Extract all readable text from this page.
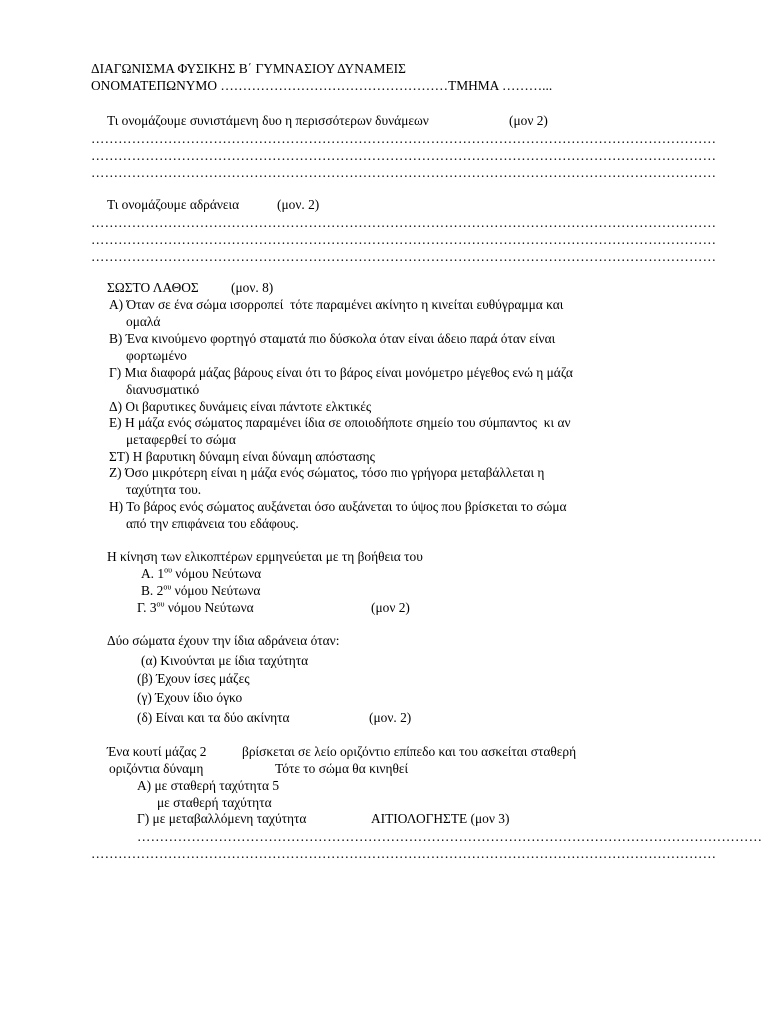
ΔΙΑΓΩΝΙΣΜΑ ΦΥΣΙΚΗΣ Β΄ ΓΥΜΝΑΣΙΟΥ ΔΥΝΑΜΕΙΣ
ΟΝΟΜΑΤΕΠΩΝΥΜΟ ……………………………………………ΤΜΗΜΑ ………...
Τι ονομάζουμε συνιστάμενη δυο η περισσότερων δυνάμεων	(μον 2)
…………………………………………………………………………………………………………………………
…………………………………………………………………………………………………………………………
…………………………………………………………………………………………………………………………
Τι ονομάζουμε αδράνεια	(μον. 2)
…………………………………………………………………………………………………………………………
…………………………………………………………………………………………………………………………
…………………………………………………………………………………………………………………………
ΣΩΣΤΟ ΛΑΘΟΣ (μον. 8)
Α) Όταν σε ένα σώμα ισορροπεί  τότε παραμένει ακίνητο η κινείται ευθύγραμμα και
ομαλά
Β) Ένα κινούμενο φορτηγό σταματά πιο δύσκολα όταν είναι άδειο παρά όταν είναι
φορτωμένο
Γ) Μια διαφορά μάζας βάρους είναι ότι το βάρος είναι μονόμετρο μέγεθος ενώ η μάζα
διανυσματικό
Δ) Οι βαρυτικες δυνάμεις είναι πάντοτε ελκτικές
Ε) Η μάζα ενός σώματος παραμένει ίδια σε οποιοδήποτε σημείο του σύμπαντος  κι αν
μεταφερθεί το σώμα
ΣΤ) Η βαρυτικη δύναμη είναι δύναμη απόστασης
Ζ) Όσο μικρότερη είναι η μάζα ενός σώματος, τόσο πιο γρήγορα μεταβάλλεται η
ταχύτητα του.
Η) Το βάρος ενός σώματος αυξάνεται όσο αυξάνεται το ύψος που βρίσκεται το σώμα
από την επιφάνεια του εδάφους.
Η κίνηση των ελικοπτέρων ερμηνεύεται με τη βοήθεια του
Α. $1^{o\upsilon}$ νόμου Νεύτωνα
Β. $2^{o\upsilon}$ νόμου Νεύτωνα
Γ. $3^{o\upsilon}$ νόμου Νεύτωνα	(μον 2)
Δύο σώματα έχουν την ίδια αδράνεια όταν:
(α) Κινούνται με ίδια ταχύτητα
(β) Έχουν ίσες μάζες
(γ) Έχουν ίδιο όγκο
(δ) Είναι και τα δύο ακίνητα	(μον. 2)
Ένα κουτί μάζας 2	βρίσκεται σε λείο οριζόντιο επίπεδο και του ασκείται σταθερή
οριζόντια δύναμη	Τότε το σώμα θα κινηθεί
Α) με σταθερή ταχύτητα 5
με σταθερή ταχύτητα
Γ) με μεταβαλλόμενη ταχύτητα	ΑΙΤΙΟΛΟΓΗΣΤΕ (μον 3)
…………………………………………………………………………………………………………………………
…………………………………………………………………………………………………………………………
